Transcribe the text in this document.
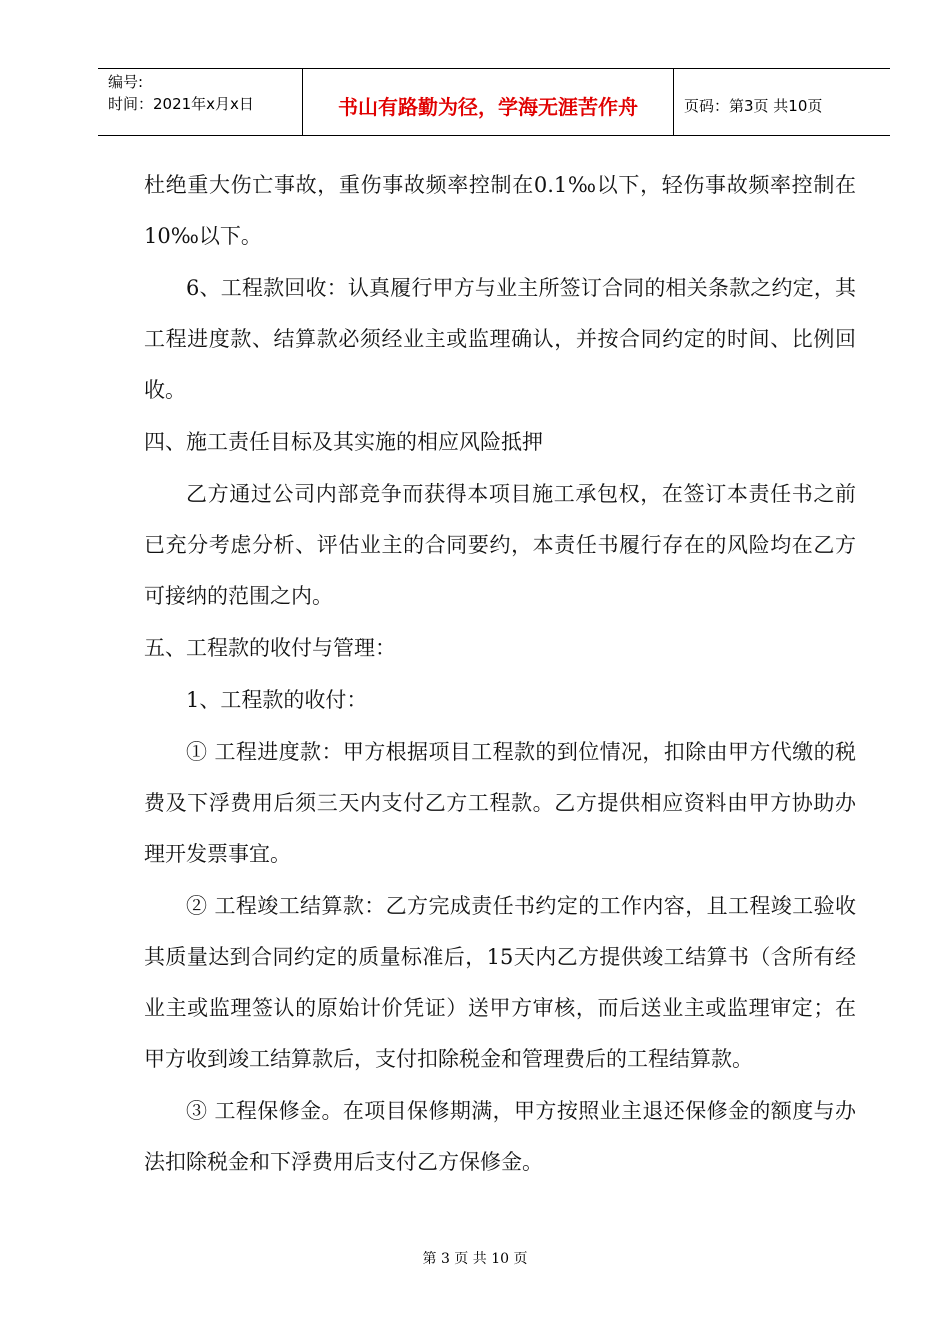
编号:
时间：2021年x月x日	书山有路勤为径，学海无涯苦作舟	页码：第3页 共10页

杜绝重大伤亡事故，重伤事故频率控制在0.1‰以下，轻伤事故频率控制在10‰以下。

6、工程款回收：认真履行甲方与业主所签订合同的相关条款之约定，其工程进度款、结算款必须经业主或监理确认，并按合同约定的时间、比例回收。

四、施工责任目标及其实施的相应风险抵押

乙方通过公司内部竞争而获得本项目施工承包权，在签订本责任书之前已充分考虑分析、评估业主的合同要约，本责任书履行存在的风险均在乙方可接纳的范围之内。

五、工程款的收付与管理：

1、工程款的收付：

① 工程进度款：甲方根据项目工程款的到位情况，扣除由甲方代缴的税费及下浮费用后须三天内支付乙方工程款。乙方提供相应资料由甲方协助办理开发票事宜。

② 工程竣工结算款：乙方完成责任书约定的工作内容，且工程竣工验收其质量达到合同约定的质量标准后，15天内乙方提供竣工结算书（含所有经业主或监理签认的原始计价凭证）送甲方审核，而后送业主或监理审定；在甲方收到竣工结算款后，支付扣除税金和管理费后的工程结算款。

③ 工程保修金。在项目保修期满，甲方按照业主退还保修金的额度与办法扣除税金和下浮费用后支付乙方保修金。

第 3 页 共 10 页
